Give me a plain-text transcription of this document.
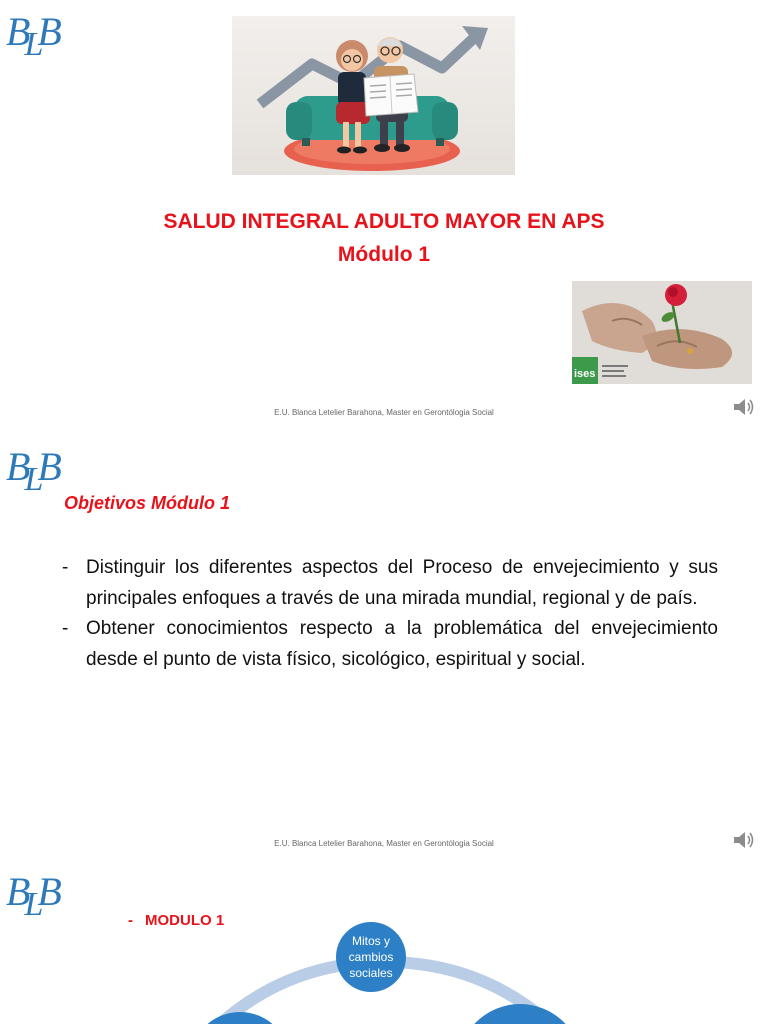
$B_LB$
SALUD INTEGRAL ADULTO MAYOR EN APS
Módulo 1
ises
E.U. Blanca Letelier Barahona, Master en Gerontólogia Social
$B_LB$
Objetivos Módulo 1
- Distinguir los diferentes aspectos del Proceso de envejecimiento y sus principales enfoques a través de una mirada mundial, regional y de país.
- Obtener conocimientos respecto a la problemática del envejecimiento desde el punto de vista físico, sicológico, espiritual y social.
E.U. Blanca Letelier Barahona, Master en Gerontólogia Social
$B_LB$
- MODULO 1
Mitos y cambios sociales
